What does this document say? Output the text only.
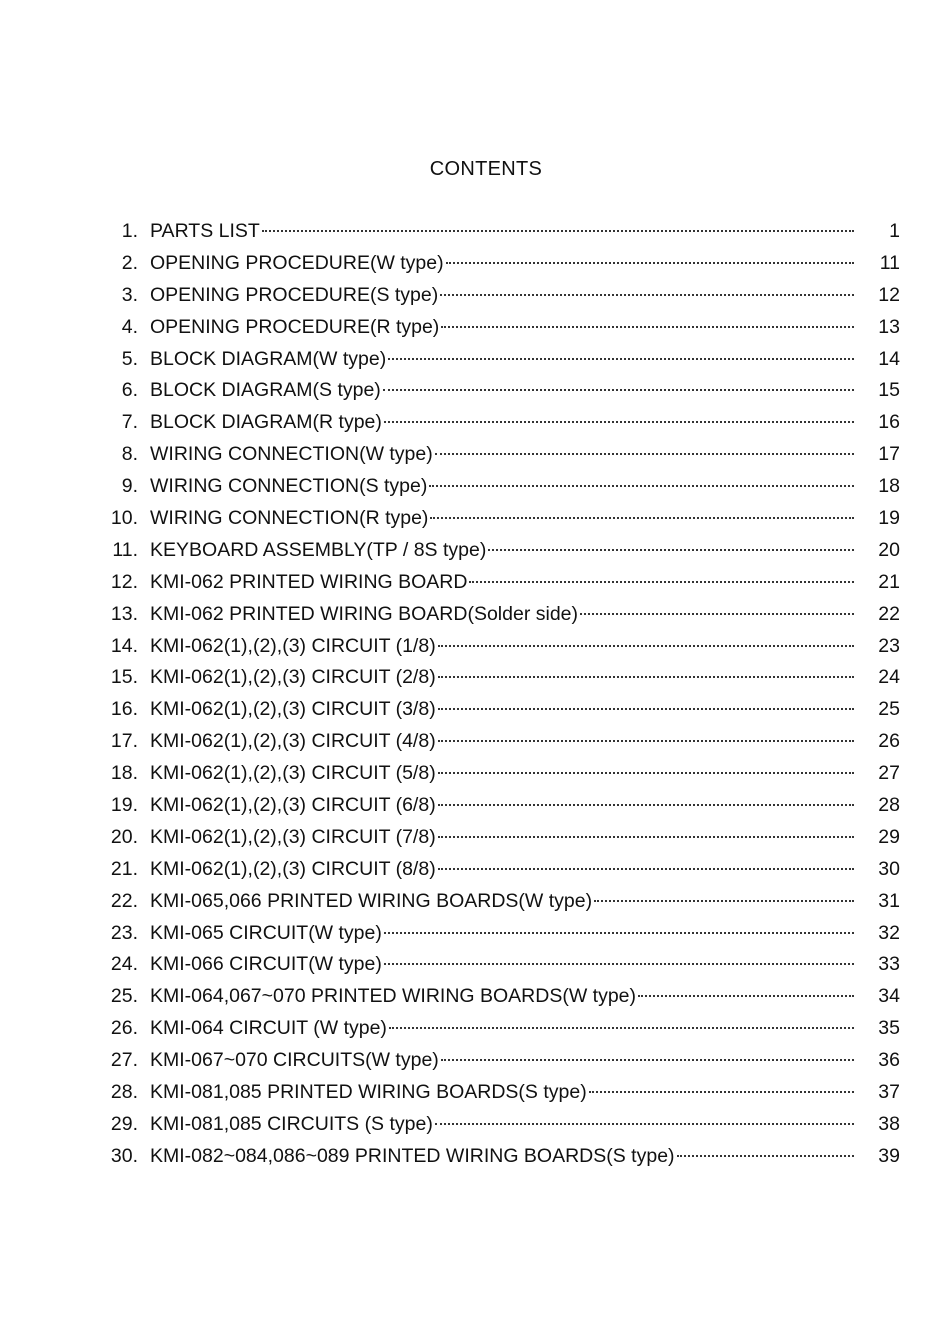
CONTENTS
1. PARTS LIST	1
2. OPENING PROCEDURE(W type)	11
3. OPENING PROCEDURE(S type)	12
4. OPENING PROCEDURE(R type)	13
5. BLOCK DIAGRAM(W type)	14
6. BLOCK DIAGRAM(S type)	15
7. BLOCK DIAGRAM(R type)	16
8. WIRING CONNECTION(W type)	17
9. WIRING CONNECTION(S type)	18
10. WIRING CONNECTION(R type)	19
11. KEYBOARD ASSEMBLY(TP / 8S type)	20
12. KMI-062 PRINTED WIRING BOARD	21
13. KMI-062 PRINTED WIRING BOARD(Solder side)	22
14. KMI-062(1),(2),(3) CIRCUIT (1/8)	23
15. KMI-062(1),(2),(3) CIRCUIT (2/8)	24
16. KMI-062(1),(2),(3) CIRCUIT (3/8)	25
17. KMI-062(1),(2),(3) CIRCUIT (4/8)	26
18. KMI-062(1),(2),(3) CIRCUIT (5/8)	27
19. KMI-062(1),(2),(3) CIRCUIT (6/8)	28
20. KMI-062(1),(2),(3) CIRCUIT (7/8)	29
21. KMI-062(1),(2),(3) CIRCUIT (8/8)	30
22. KMI-065,066 PRINTED WIRING BOARDS(W type)	31
23. KMI-065 CIRCUIT(W type)	32
24. KMI-066 CIRCUIT(W type)	33
25. KMI-064,067~070 PRINTED WIRING BOARDS(W type)	34
26. KMI-064 CIRCUIT (W type)	35
27. KMI-067~070 CIRCUITS(W type)	36
28. KMI-081,085 PRINTED WIRING BOARDS(S type)	37
29. KMI-081,085 CIRCUITS (S type)	38
30. KMI-082~084,086~089 PRINTED WIRING BOARDS(S type)	39
